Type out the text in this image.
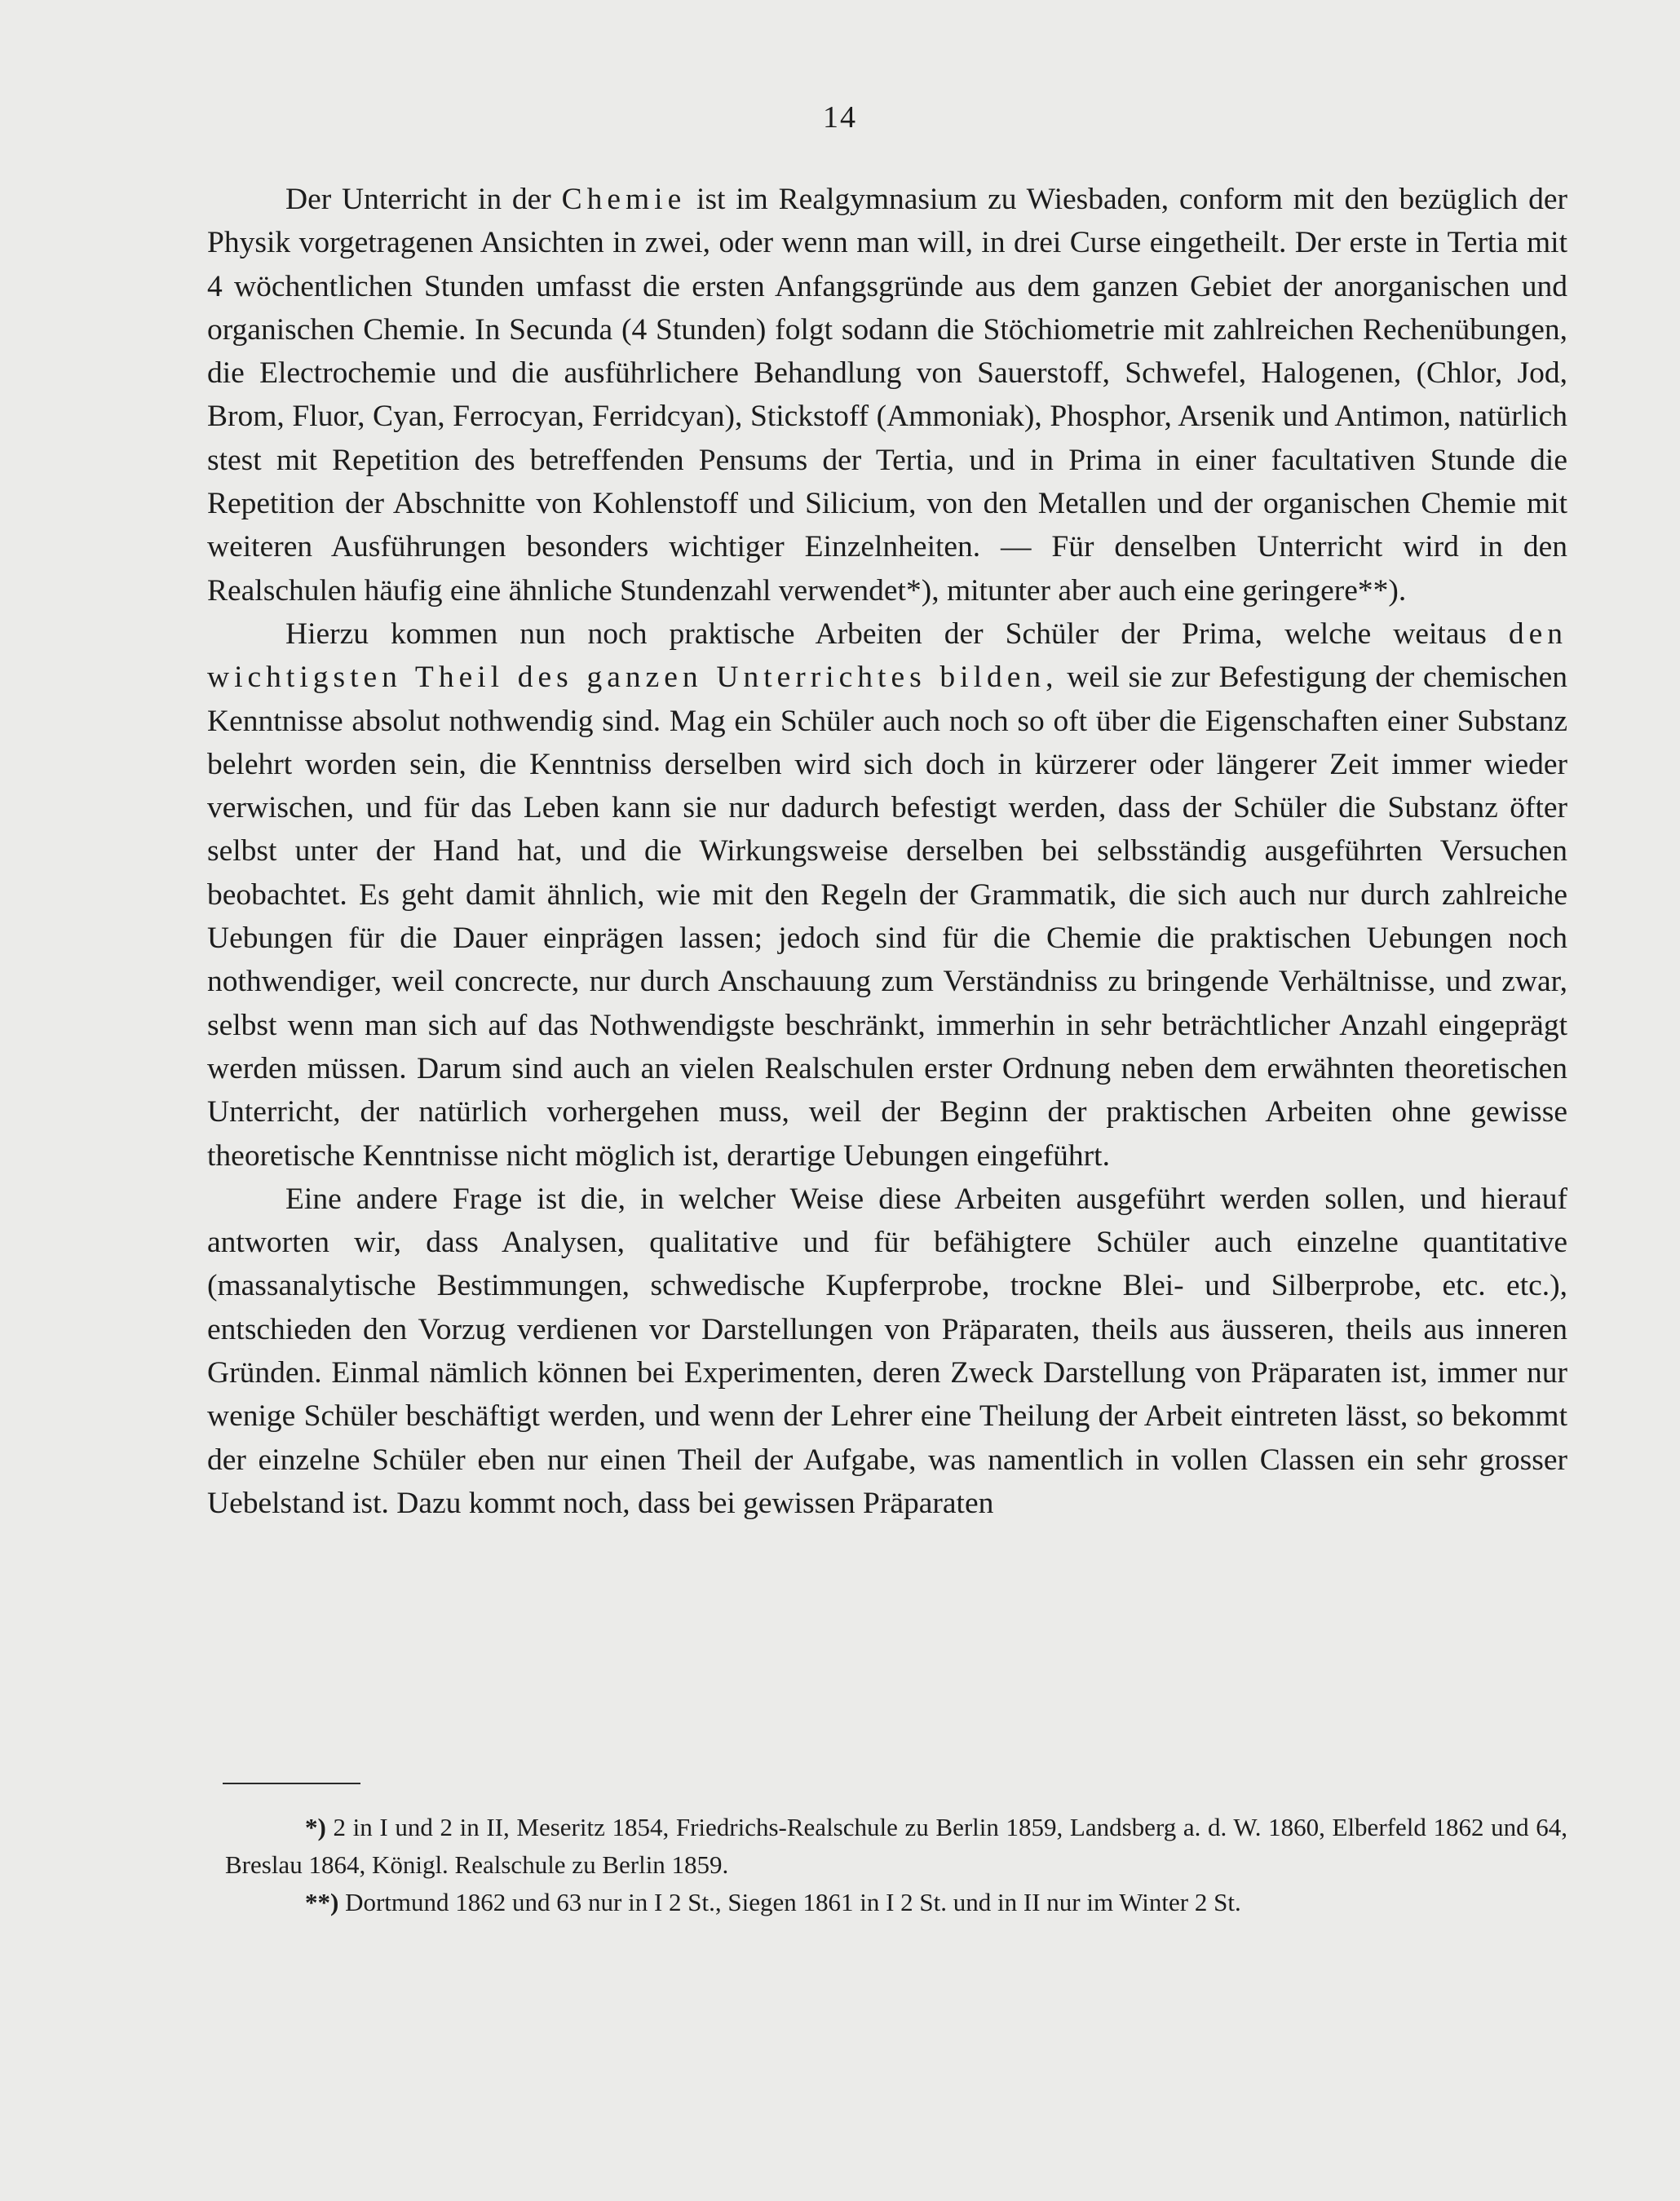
14

Der Unterricht in der Chemie ist im Realgymnasium zu Wiesbaden, conform mit den bezüglich der Physik vorgetragenen Ansichten in zwei, oder wenn man will, in drei Curse eingetheilt. Der erste in Tertia mit 4 wöchentlichen Stunden umfasst die ersten Anfangsgründe aus dem ganzen Gebiet der anorganischen und organischen Chemie. In Secunda (4 Stunden) folgt sodann die Stöchiometrie mit zahlreichen Rechenübungen, die Electrochemie und die ausführlichere Behandlung von Sauerstoff, Schwefel, Halogenen, (Chlor, Jod, Brom, Fluor, Cyan, Ferrocyan, Ferridcyan), Stickstoff (Ammoniak), Phosphor, Arsenik und Antimon, natürlich stest mit Repetition des betreffenden Pensums der Tertia, und in Prima in einer facultativen Stunde die Repetition der Abschnitte von Kohlenstoff und Silicium, von den Metallen und der organischen Chemie mit weiteren Ausführungen besonders wichtiger Einzelnheiten. — Für denselben Unterricht wird in den Realschulen häufig eine ähnliche Stundenzahl verwendet*), mitunter aber auch eine geringere**).

Hierzu kommen nun noch praktische Arbeiten der Schüler der Prima, welche weitaus den wichtigsten Theil des ganzen Unterrichtes bilden, weil sie zur Befestigung der chemischen Kenntnisse absolut nothwendig sind. Mag ein Schüler auch noch so oft über die Eigenschaften einer Substanz belehrt worden sein, die Kenntniss derselben wird sich doch in kürzerer oder längerer Zeit immer wieder verwischen, und für das Leben kann sie nur dadurch befestigt werden, dass der Schüler die Substanz öfter selbst unter der Hand hat, und die Wirkungsweise derselben bei selbsständig ausgeführten Versuchen beobachtet. Es geht damit ähnlich, wie mit den Regeln der Grammatik, die sich auch nur durch zahlreiche Uebungen für die Dauer einprägen lassen; jedoch sind für die Chemie die praktischen Uebungen noch nothwendiger, weil concrecte, nur durch Anschauung zum Verständniss zu bringende Verhältnisse, und zwar, selbst wenn man sich auf das Nothwendigste beschränkt, immerhin in sehr beträchtlicher Anzahl eingeprägt werden müssen. Darum sind auch an vielen Realschulen erster Ordnung neben dem erwähnten theoretischen Unterricht, der natürlich vorhergehen muss, weil der Beginn der praktischen Arbeiten ohne gewisse theoretische Kenntnisse nicht möglich ist, derartige Uebungen eingeführt.

Eine andere Frage ist die, in welcher Weise diese Arbeiten ausgeführt werden sollen, und hierauf antworten wir, dass Analysen, qualitative und für befähigtere Schüler auch einzelne quantitative (massanalytische Bestimmungen, schwedische Kupferprobe, trockne Blei- und Silberprobe, etc. etc.), entschieden den Vorzug verdienen vor Darstellungen von Präparaten, theils aus äusseren, theils aus inneren Gründen. Einmal nämlich können bei Experimenten, deren Zweck Darstellung von Präparaten ist, immer nur wenige Schüler beschäftigt werden, und wenn der Lehrer eine Theilung der Arbeit eintreten lässt, so bekommt der einzelne Schüler eben nur einen Theil der Aufgabe, was namentlich in vollen Classen ein sehr grosser Uebelstand ist. Dazu kommt noch, dass bei gewissen Präparaten

*) 2 in I und 2 in II, Meseritz 1854, Friedrichs-Realschule zu Berlin 1859, Landsberg a. d. W. 1860, Elberfeld 1862 und 64, Breslau 1864, Königl. Realschule zu Berlin 1859.

**) Dortmund 1862 und 63 nur in I 2 St., Siegen 1861 in I 2 St. und in II nur im Winter 2 St.
